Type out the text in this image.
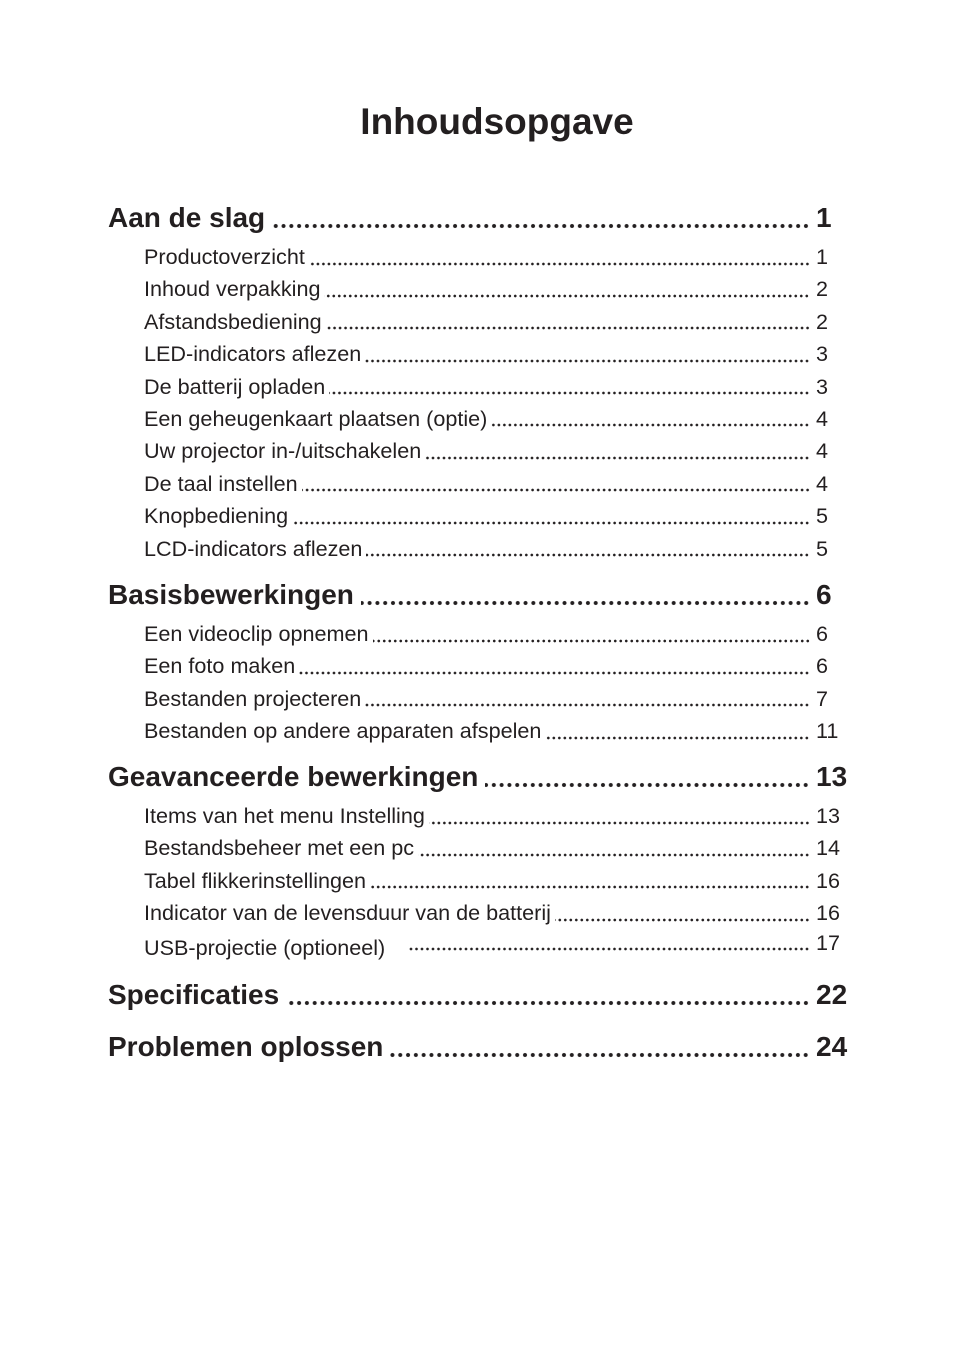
Inhoudsopgave
Aan de slag	1
Productoverzicht	1
Inhoud verpakking	2
Afstandsbediening	2
LED-indicators aflezen	3
De batterij opladen	3
Een geheugenkaart plaatsen (optie)	4
Uw projector in-/uitschakelen	4
De taal instellen	4
Knopbediening	5
LCD-indicators aflezen	5
Basisbewerkingen	6
Een videoclip opnemen	6
Een foto maken	6
Bestanden projecteren	7
Bestanden op andere apparaten afspelen	11
Geavanceerde bewerkingen	13
Items van het menu Instelling	13
Bestandsbeheer met een pc	14
Tabel flikkerinstellingen	16
Indicator van de levensduur van de batterij	16
USB-projectie (optioneel)	17
Specificaties	22
Problemen oplossen	24
